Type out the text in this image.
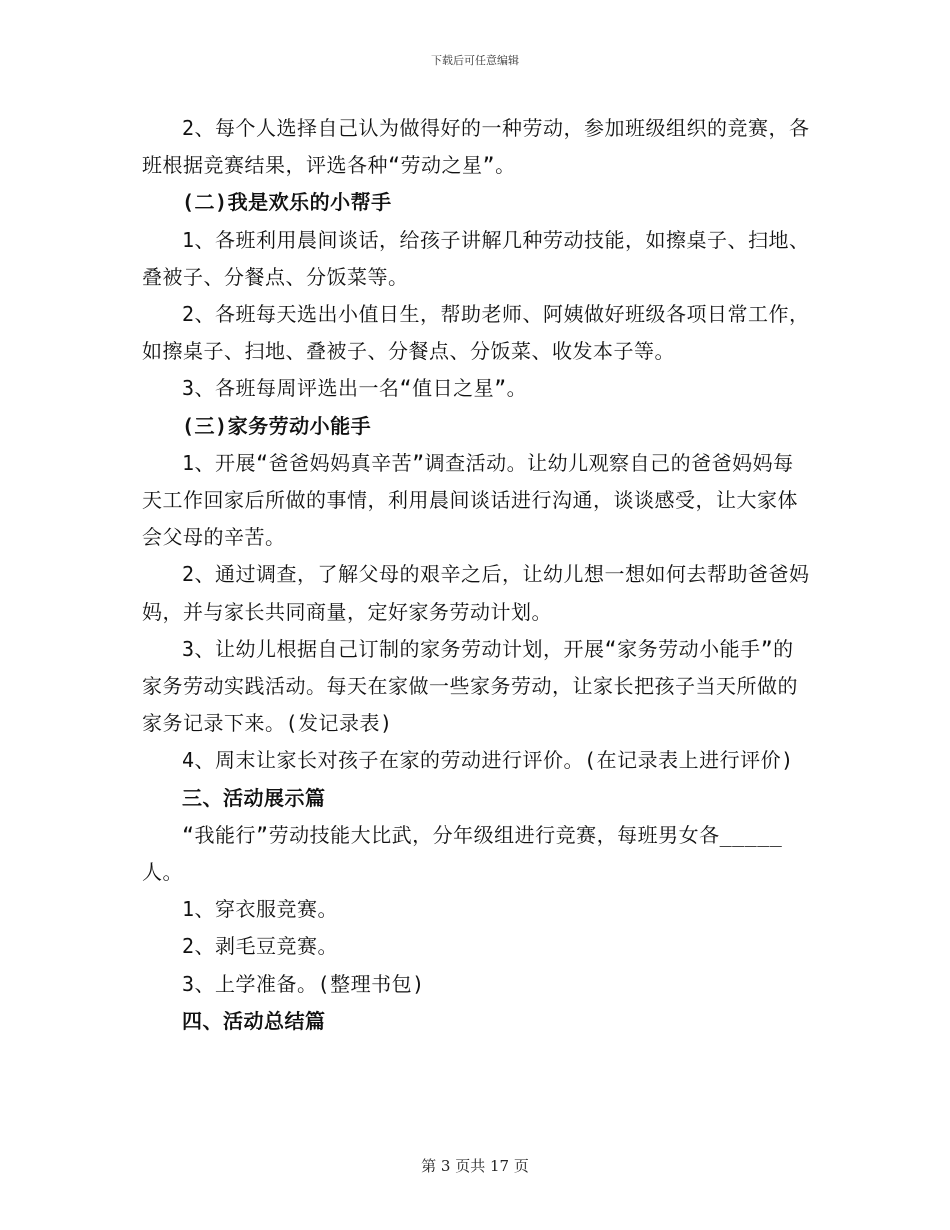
下载后可任意编辑

2、每个人选择自己认为做得好的一种劳动，参加班级组织的竞赛，各班根据竞赛结果，评选各种“劳动之星”。

(二)我是欢乐的小帮手

1、各班利用晨间谈话，给孩子讲解几种劳动技能，如擦桌子、扫地、叠被子、分餐点、分饭菜等。

2、各班每天选出小值日生，帮助老师、阿姨做好班级各项日常工作，如擦桌子、扫地、叠被子、分餐点、分饭菜、收发本子等。

3、各班每周评选出一名“值日之星”。

(三)家务劳动小能手

1、开展“爸爸妈妈真辛苦”调查活动。让幼儿观察自己的爸爸妈妈每天工作回家后所做的事情，利用晨间谈话进行沟通，谈谈感受，让大家体会父母的辛苦。

2、通过调查，了解父母的艰辛之后，让幼儿想一想如何去帮助爸爸妈妈，并与家长共同商量，定好家务劳动计划。

3、让幼儿根据自己订制的家务劳动计划，开展“家务劳动小能手”的家务劳动实践活动。每天在家做一些家务劳动，让家长把孩子当天所做的家务记录下来。(发记录表)

4、周末让家长对孩子在家的劳动进行评价。(在记录表上进行评价)

三、活动展示篇

“我能行”劳动技能大比武，分年级组进行竞赛，每班男女各_____人。

1、穿衣服竞赛。

2、剥毛豆竞赛。

3、上学准备。(整理书包)

四、活动总结篇

第 3 页共 17 页
